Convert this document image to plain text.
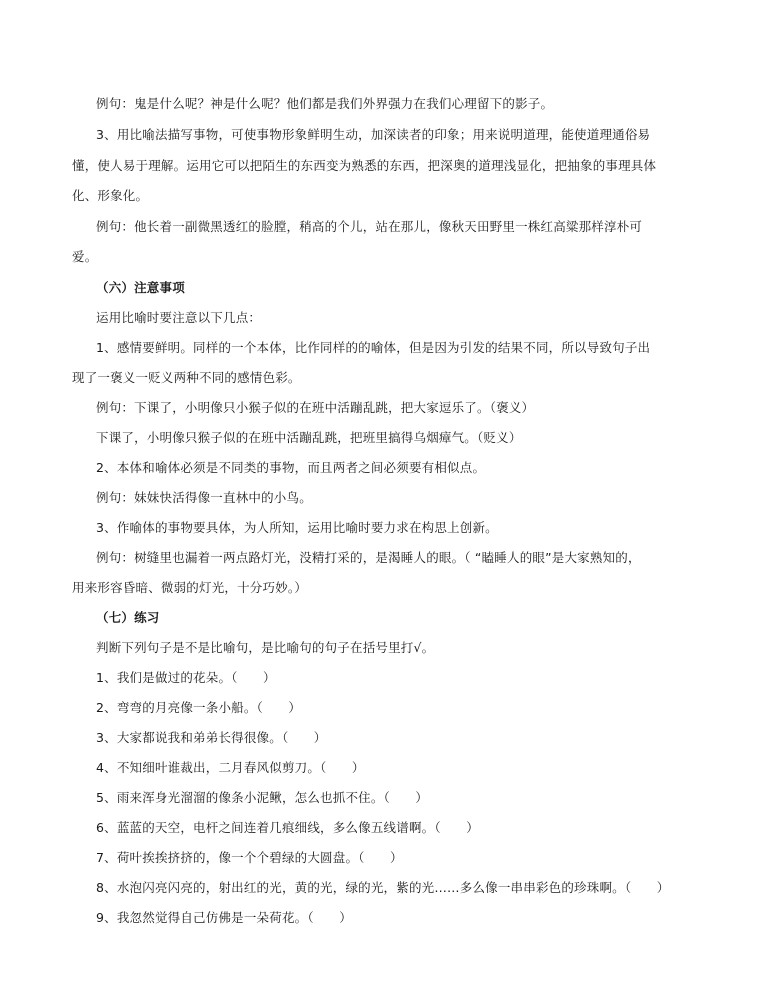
例句：鬼是什么呢？神是什么呢？他们都是我们外界强力在我们心理留下的影子。
3、用比喻法描写事物，可使事物形象鲜明生动，加深读者的印象；用来说明道理，能使道理通俗易
懂，使人易于理解。运用它可以把陌生的东西变为熟悉的东西，把深奥的道理浅显化，把抽象的事理具体
化、形象化。
例句：他长着一副微黑透红的脸膛，稍高的个儿，站在那儿，像秋天田野里一株红高粱那样淳朴可
爱。
（六）注意事项
运用比喻时要注意以下几点：
1、感情要鲜明。同样的一个本体，比作同样的的喻体，但是因为引发的结果不同，所以导致句子出
现了一褒义一贬义两种不同的感情色彩。
例句：下课了，小明像只小猴子似的在班中活蹦乱跳，把大家逗乐了。（褒义）
下课了，小明像只猴子似的在班中活蹦乱跳，把班里搞得乌烟瘴气。（贬义）
2、本体和喻体必须是不同类的事物，而且两者之间必须要有相似点。
例句：妹妹快活得像一直林中的小鸟。
3、作喻体的事物要具体，为人所知，运用比喻时要力求在构思上创新。
例句：树缝里也漏着一两点路灯光，没精打采的，是渴睡人的眼。（ “瞌睡人的眼”是大家熟知的，
用来形容昏暗、微弱的灯光，十分巧妙。）
（七）练习
判断下列句子是不是比喻句，是比喻句的句子在括号里打√。
1、我们是做过的花朵。（　　）
2、弯弯的月亮像一条小船。（　　）
3、大家都说我和弟弟长得很像。（　　）
4、不知细叶谁裁出，二月春风似剪刀。（　　）
5、雨来浑身光溜溜的像条小泥鳅，怎么也抓不住。（　　）
6、蓝蓝的天空，电杆之间连着几痕细线，多么像五线谱啊。（　　）
7、荷叶挨挨挤挤的，像一个个碧绿的大圆盘。（　　）
8、水泡闪亮闪亮的，射出红的光，黄的光，绿的光，紫的光……多么像一串串彩色的珍珠啊。（　　）
9、我忽然觉得自己仿佛是一朵荷花。（　　）
